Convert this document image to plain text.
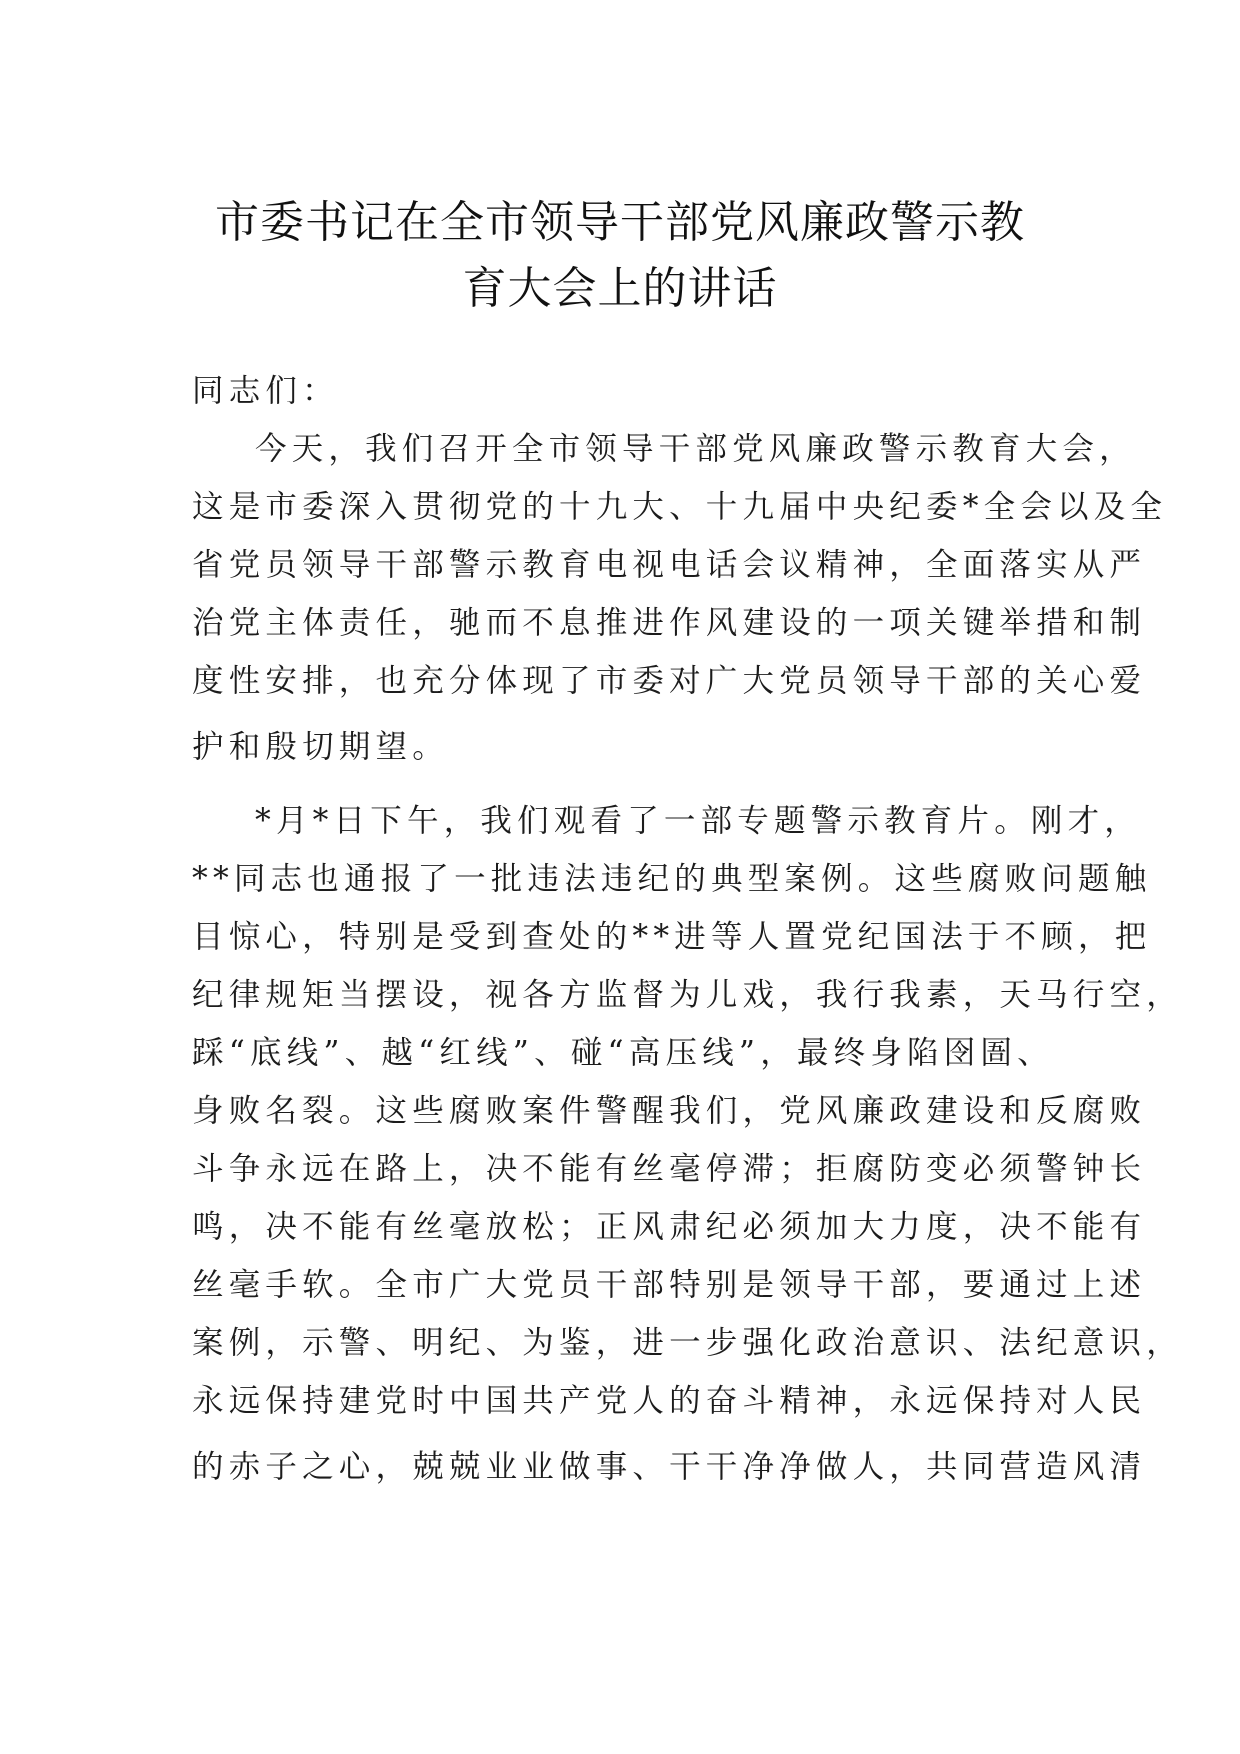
市委书记在全市领导干部党风廉政警示教
育大会上的讲话
同志们：
今天，我们召开全市领导干部党风廉政警示教育大会，
这是市委深入贯彻党的十九大、十九届中央纪委*全会以及全
省党员领导干部警示教育电视电话会议精神，全面落实从严
治党主体责任，驰而不息推进作风建设的一项关键举措和制
度性安排，也充分体现了市委对广大党员领导干部的关心爱
护和殷切期望。
*月*日下午，我们观看了一部专题警示教育片。刚才，
**同志也通报了一批违法违纪的典型案例。这些腐败问题触
目惊心，特别是受到查处的**进等人置党纪国法于不顾，把
纪律规矩当摆设，视各方监督为儿戏，我行我素，天马行空，
踩“底线”、越“红线”、碰“高压线”，最终身陷囹圄、
身败名裂。这些腐败案件警醒我们，党风廉政建设和反腐败
斗争永远在路上，决不能有丝毫停滞；拒腐防变必须警钟长
鸣，决不能有丝毫放松；正风肃纪必须加大力度，决不能有
丝毫手软。全市广大党员干部特别是领导干部，要通过上述
案例，示警、明纪、为鉴，进一步强化政治意识、法纪意识，
永远保持建党时中国共产党人的奋斗精神，永远保持对人民
的赤子之心，兢兢业业做事、干干净净做人，共同营造风清
